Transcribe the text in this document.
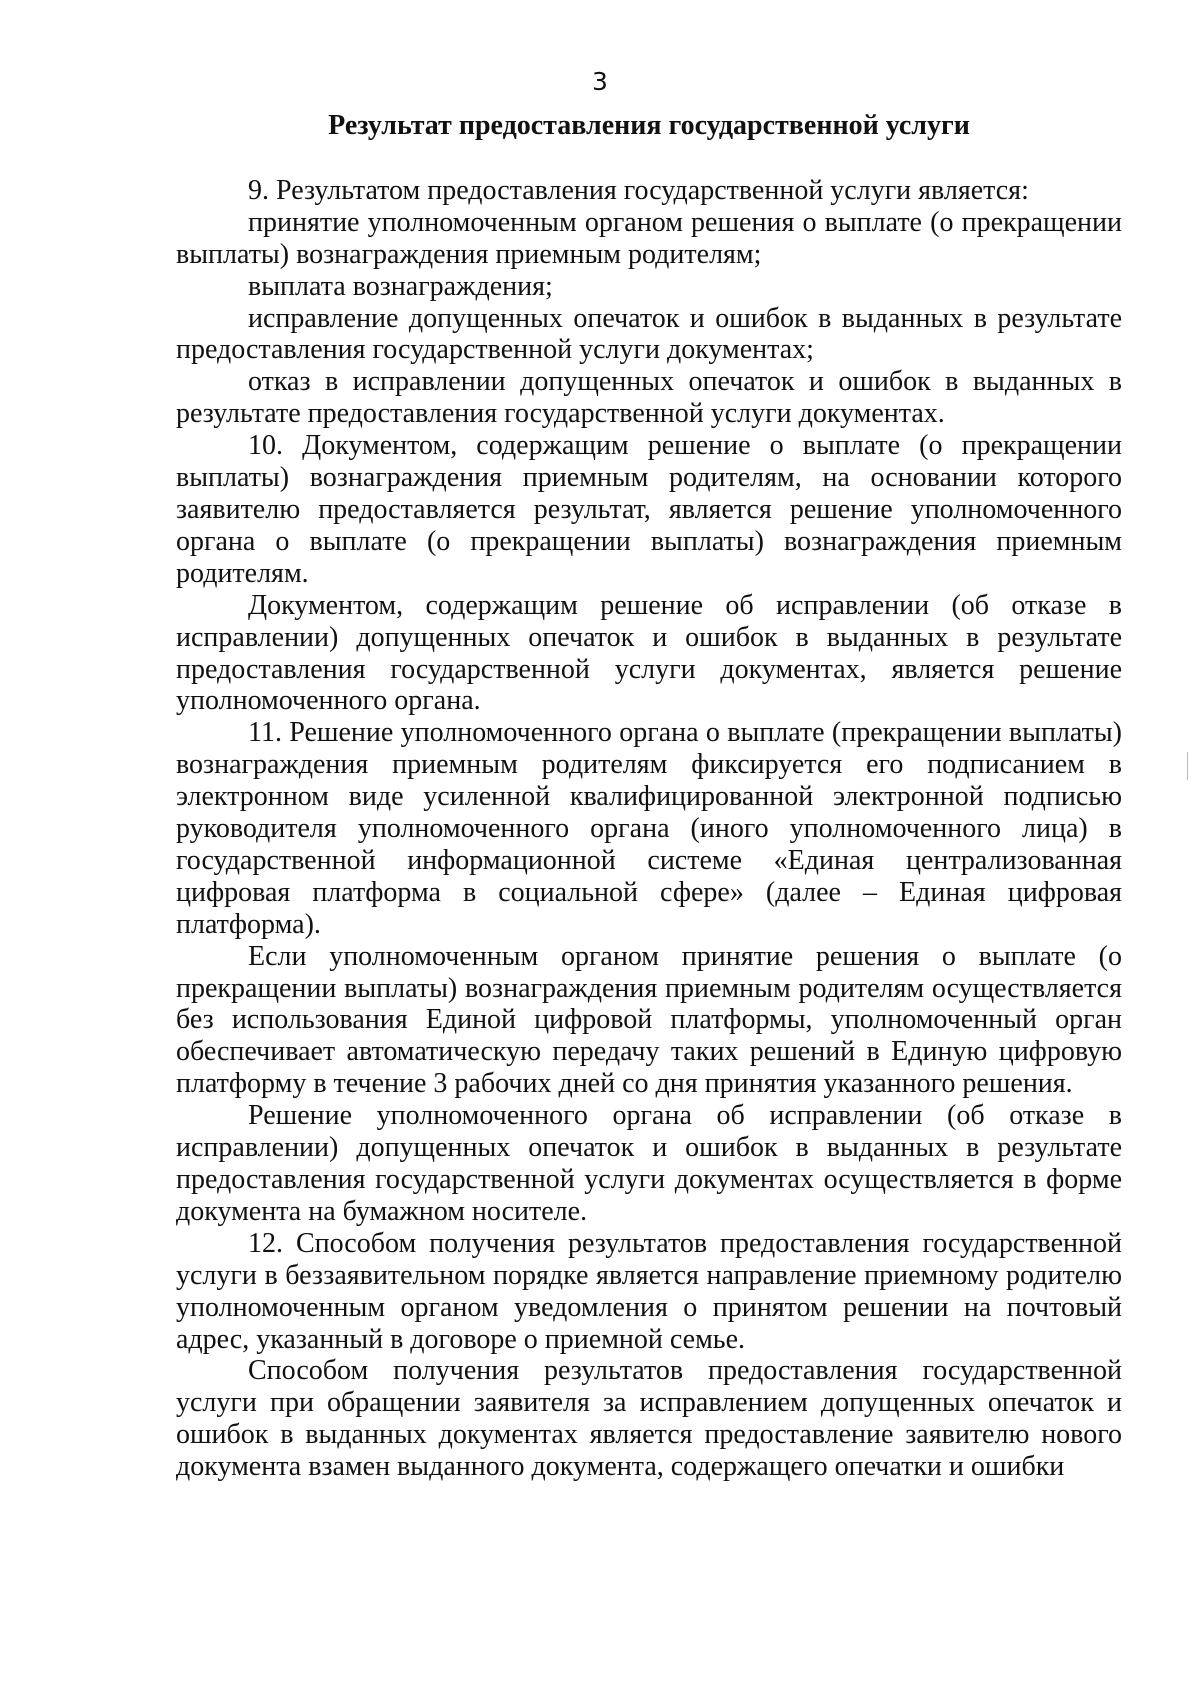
3
Результат предоставления государственной услуги

9. Результатом предоставления государственной услуги является:

принятие уполномоченным органом решения о выплате (о прекращении выплаты) вознаграждения приемным родителям;

выплата вознаграждения;

исправление допущенных опечаток и ошибок в выданных в результате предоставления государственной услуги документах;

отказ в исправлении допущенных опечаток и ошибок в выданных в результате предоставления государственной услуги документах.

10. Документом, содержащим решение о выплате (о прекращении выплаты) вознаграждения приемным родителям, на основании которого заявителю предоставляется результат, является решение уполномоченного органа о выплате (о прекращении выплаты) вознаграждения приемным родителям.

Документом, содержащим решение об исправлении (об отказе в исправлении) допущенных опечаток и ошибок в выданных в результате предоставления государственной услуги документах, является решение уполномоченного органа.

11. Решение уполномоченного органа о выплате (прекращении выплаты) вознаграждения приемным родителям фиксируется его подписанием в электронном виде усиленной квалифицированной электронной подписью руководителя уполномоченного органа (иного уполномоченного лица) в государственной информационной системе «Единая централизованная цифровая платформа в социальной сфере» (далее – Единая цифровая платформа).

Если уполномоченным органом принятие решения о выплате (о прекращении выплаты) вознаграждения приемным родителям осуществляется без использования Единой цифровой платформы, уполномоченный орган обеспечивает автоматическую передачу таких решений в Единую цифровую платформу в течение 3 рабочих дней со дня принятия указанного решения.

Решение уполномоченного органа об исправлении (об отказе в исправлении) допущенных опечаток и ошибок в выданных в результате предоставления государственной услуги документах осуществляется в форме документа на бумажном носителе.

12. Способом получения результатов предоставления государственной услуги в беззаявительном порядке является направление приемному родителю уполномоченным органом уведомления о принятом решении на почтовый адрес, указанный в договоре о приемной семье.

Способом получения результатов предоставления государственной услуги при обращении заявителя за исправлением допущенных опечаток и ошибок в выданных документах является предоставление заявителю нового документа взамен выданного документа, содержащего опечатки и ошибки
